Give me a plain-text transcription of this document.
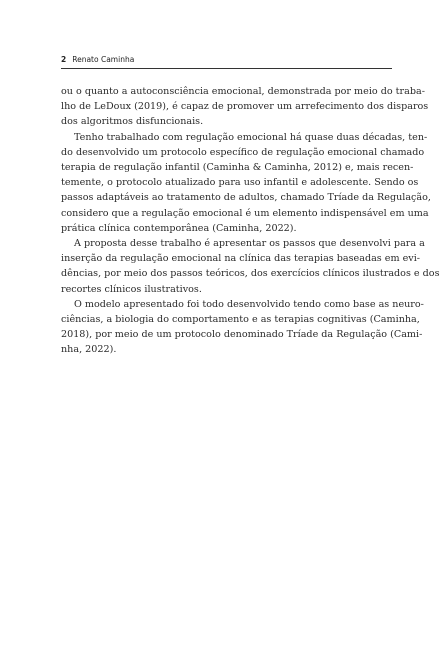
2 Renato Caminha

ou o quanto a autoconsciência emocional, demonstrada por meio do traba-
lho de LeDoux (2019), é capaz de promover um arrefecimento dos disparos
dos algoritmos disfuncionais.

Tenho trabalhado com regulação emocional há quase duas décadas, ten-
do desenvolvido um protocolo específico de regulação emocional chamado
terapia de regulação infantil (Caminha & Caminha, 2012) e, mais recen-
temente, o protocolo atualizado para uso infantil e adolescente. Sendo os
passos adaptáveis ao tratamento de adultos, chamado Tríade da Regulação,
considero que a regulação emocional é um elemento indispensável em uma
prática clínica contemporânea (Caminha, 2022).

A proposta desse trabalho é apresentar os passos que desenvolvi para a
inserção da regulação emocional na clínica das terapias baseadas em evi-
dências, por meio dos passos teóricos, dos exercícios clínicos ilustrados e dos
recortes clínicos ilustrativos.

O modelo apresentado foi todo desenvolvido tendo como base as neuro-
ciências, a biologia do comportamento e as terapias cognitivas (Caminha,
2018), por meio de um protocolo denominado Tríade da Regulação (Cami-
nha, 2022).
